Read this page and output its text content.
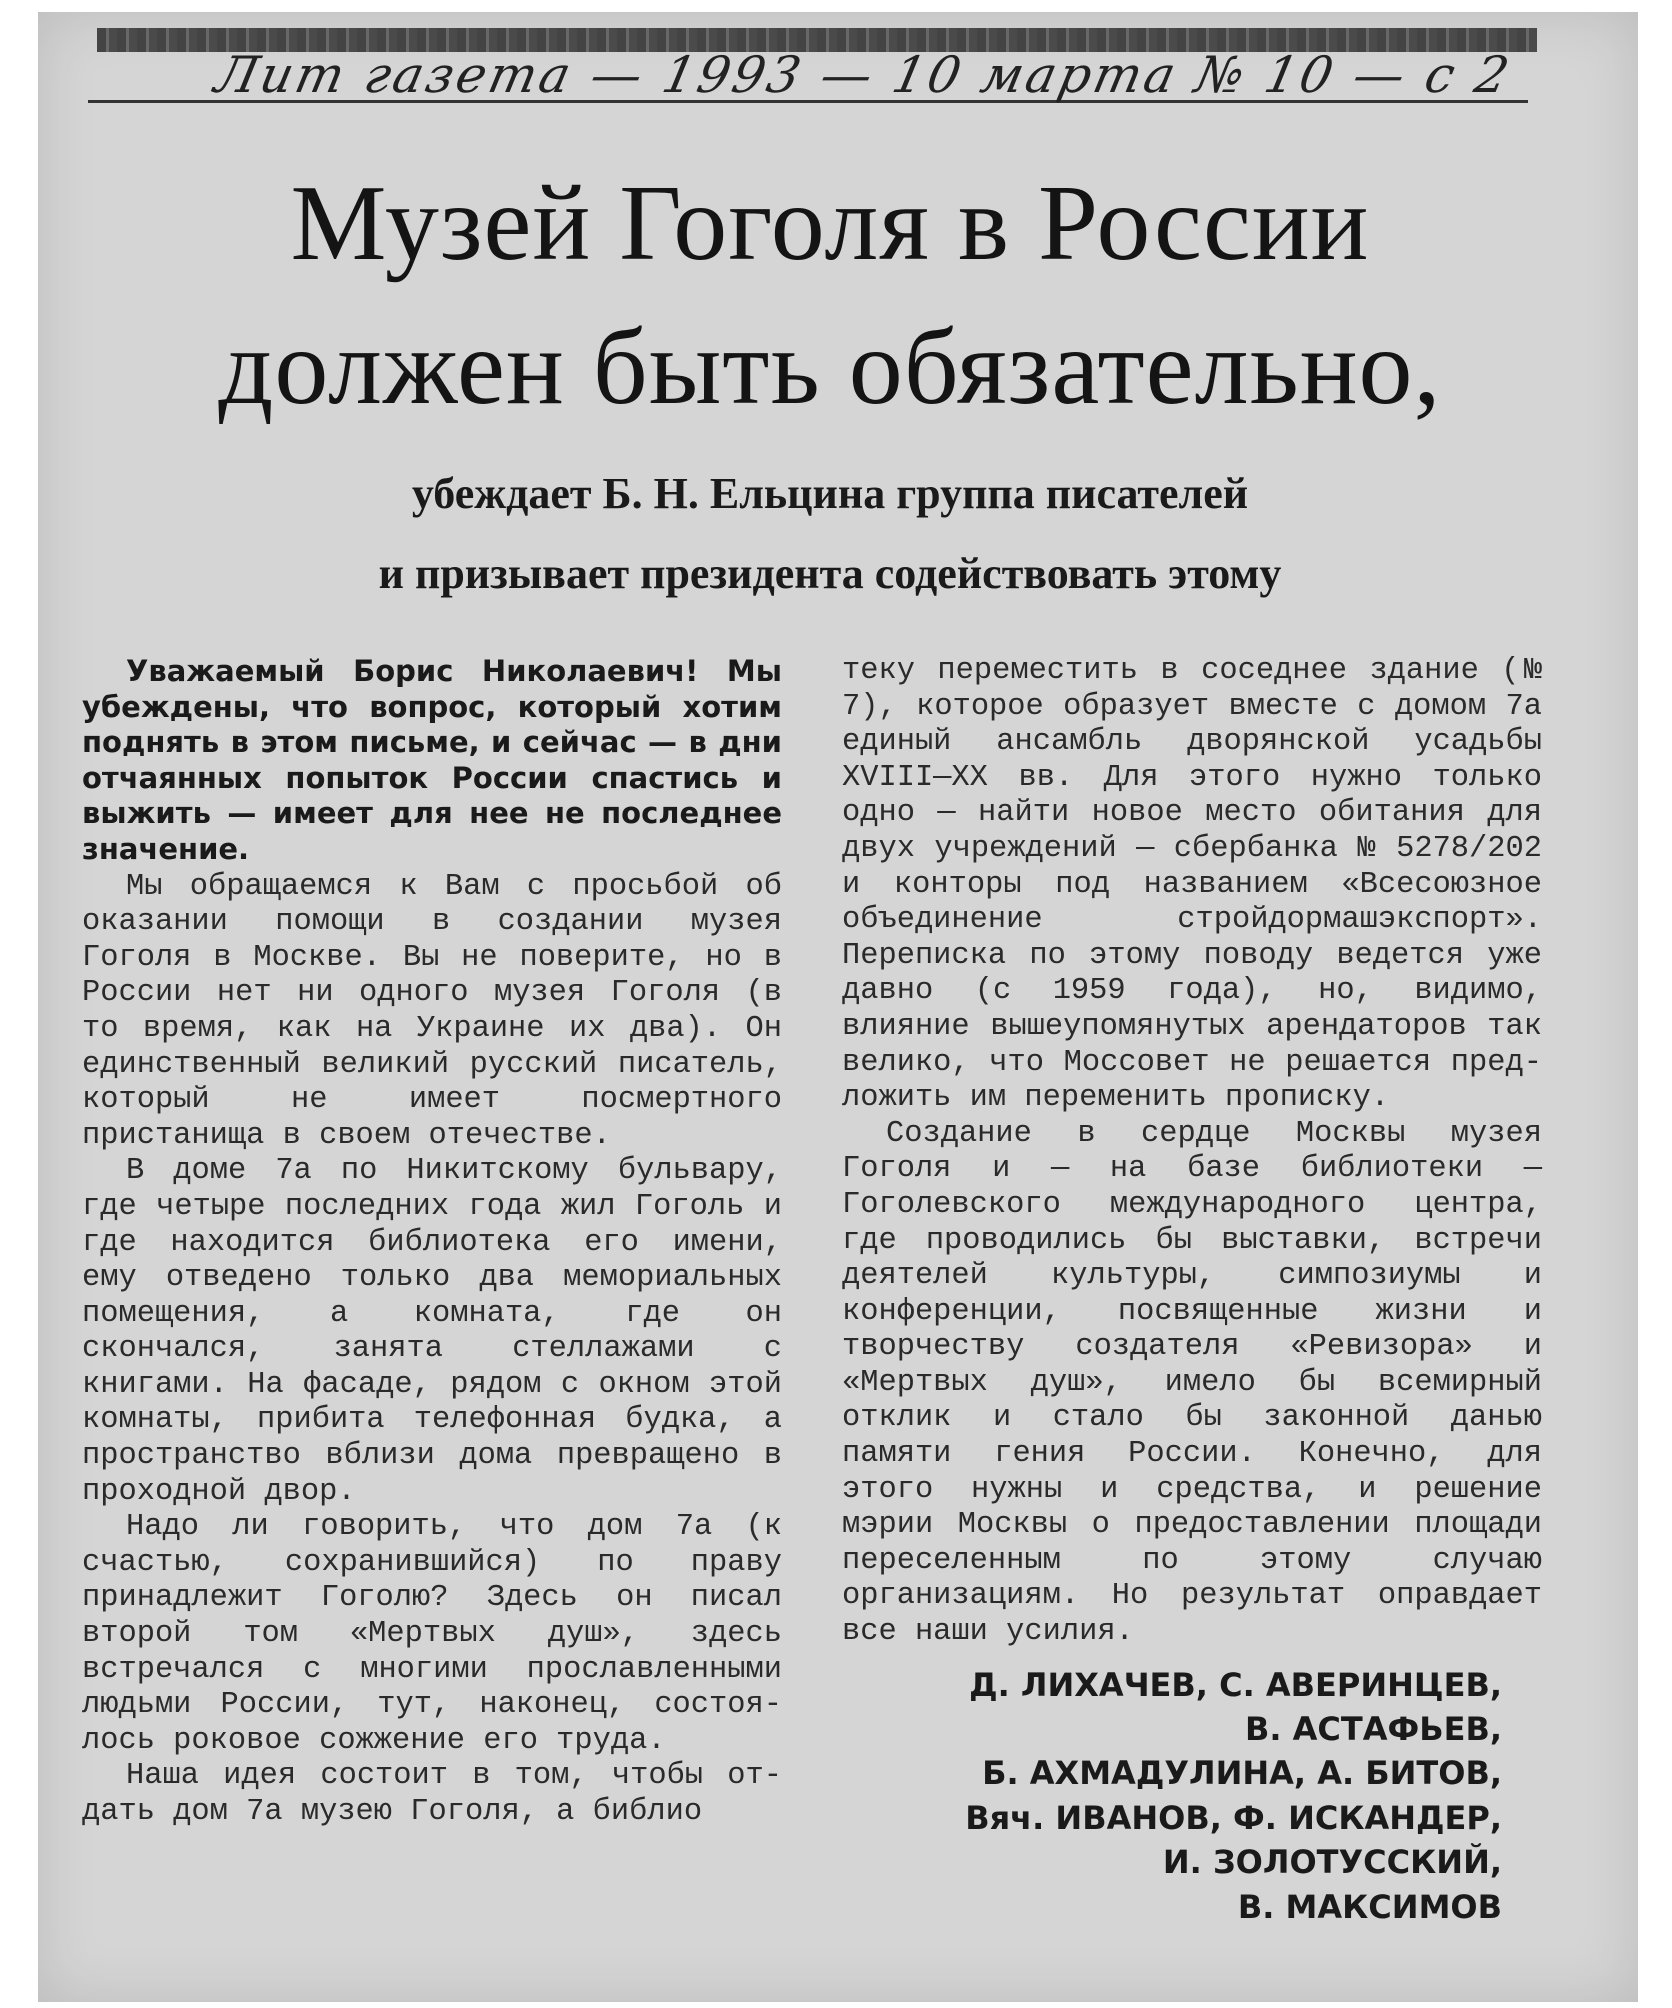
Лит газета — 1993 — 10 марта № 10 — с 2
Музей Гоголя в России
должен быть обязательно,
убеждает Б. Н. Ельцина группа писателей
и призывает президента содействовать этому

Уважаемый Борис Николаевич! Мы убеждены, что вопрос, который хотим поднять в этом письме, и сейчас — в дни отчаянных попыток России спастись и выжить — имеет для нее не последнее значение.

Мы обращаемся к Вам с просьбой об оказании помощи в создании музея Гоголя в Москве. Вы не поверите, но в России нет ни одного музея Гоголя (в то время, как на Украине их два). Он единственный великий русский писатель, который не имеет посмертного пристанища в своем отечестве.

В доме 7а по Никитскому бульвару, где четыре последних года жил Гоголь и где находится библиотека его имени, ему отведено только два мемориальных помещения, а комната, где он скончался, занята стеллажами с книгами. На фасаде, рядом с окном этой комнаты, прибита телефонная будка, а пространство вблизи дома превращено в проходной двор.

Надо ли говорить, что дом 7а (к счастью, сохранившийся) по праву принадлежит Гоголю? Здесь он писал второй том «Мертвых душ», здесь встречался с многими прославленными людьми России, тут, наконец, состоялось роковое сожжение его труда.

Наша идея состоит в том, чтобы отдать дом 7а музею Гоголя, а библио

теку переместить в соседнее здание (№ 7), которое образует вместе с домом 7а единый ансамбль дворянской усадьбы XVIII—XX вв. Для этого нужно только одно — найти новое место обитания для двух учреждений — сбербанка № 5278/202 и конторы под названием «Всесоюзное объединение стройдормашэкспорт». Переписка по этому поводу ведется уже давно (с 1959 года), но, видимо, влияние вышеупомянутых арендаторов так велико, что Моссовет не решается предложить им переменить прописку.

Создание в сердце Москвы музея Гоголя и — на базе библиотеки — Гоголевского международного центра, где проводились бы выставки, встречи деятелей культуры, симпозиумы и конференции, посвященные жизни и творчеству создателя «Ревизора» и «Мертвых душ», имело бы всемирный отклик и стало бы законной данью памяти гения России. Конечно, для этого нужны и средства, и решение мэрии Москвы о предоставлении площади переселенным по этому случаю организациям. Но результат оправдает все наши усилия.

Д. ЛИХАЧЕВ, С. АВЕРИНЦЕВ,
В. АСТАФЬЕВ,
Б. АХМАДУЛИНА, А. БИТОВ,
Вяч. ИВАНОВ, Ф. ИСКАНДЕР,
И. ЗОЛОТУССКИЙ,
В. МАКСИМОВ
